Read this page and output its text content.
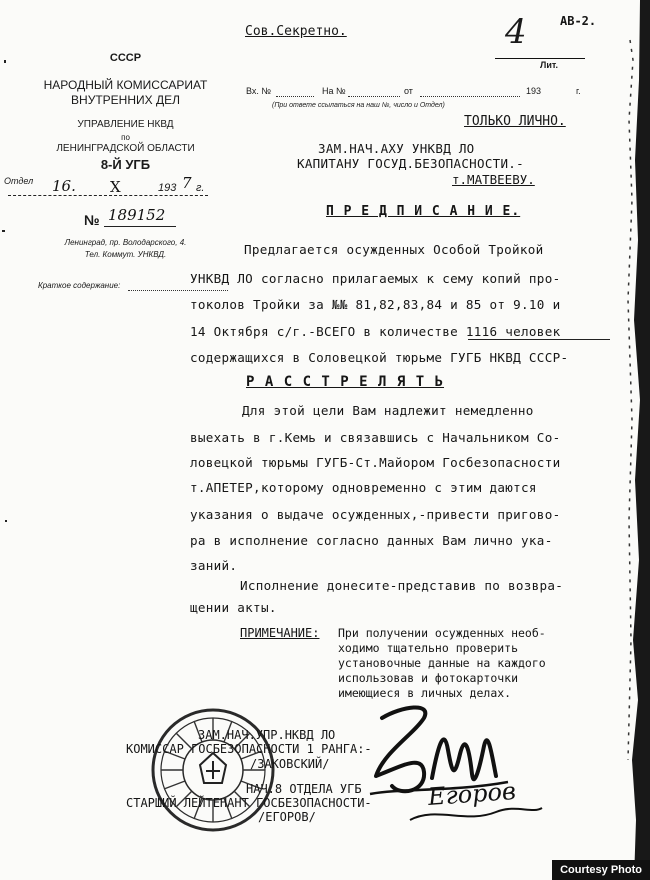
4	АВ-2.
Лит.
Сов.Секретно.
СССР
НАРОДНЫЙ КОМИССАРИАТ
ВНУТРЕННИХ ДЕЛ
УПРАВЛЕНИЕ НКВД
по
ЛЕНИНГРАДСКОЙ ОБЛАСТИ
8-Й УГБ
Отдел 16. X	193 7 г.
№ 189152
Ленинград, пр. Володарского, 4.
Тел. Коммут. УНКВД.
Краткое содержание:
Вх. №	На №	от	193	г.
(При ответе ссылаться на наш №, число и Отдел)
ТОЛЬКО ЛИЧНО.
ЗАМ.НАЧ.АХУ УНКВД ЛО
КАПИТАНУ ГОСУД.БЕЗОПАСНОСТИ.-
т.МАТВЕЕВУ.
П Р Е Д П И С А Н И Е.
Предлагается осужденных Особой Тройкой
УНКВД ЛО согласно прилагаемых к сему копий про-
токолов Тройки за №№ 81,82,83,84 и 85 от 9.10 и
14 Октября с/г.-ВСЕГО в количестве 1116 человек
содержащихся в Соловецкой тюрьме ГУГБ НКВД СССР-
Р А С С Т Р Е Л Я Т Ь
Для этой цели Вам надлежит немедленно
выехать в г.Кемь и связавшись с Начальником Со-
ловецкой тюрьмы ГУГБ-Ст.Майором Госбезопасности
т.АПЕТЕР,которому одновременно с этим даются
указания о выдаче осужденных,-привести пригово-
ра в исполнение согласно данных Вам лично ука-
заний.
Исполнение донесите-представив по возвра-
щении акты.
ПРИМЕЧАНИЕ: При получении осужденных необ-
ходимо тщательно проверить
установочные данные на каждого
использовав и фотокарточки
имеющиеся в личных делах.
ЗАМ.НАЧ.УПР.НКВД ЛО
КОМИССАР ГОСБЕЗОПАСНОСТИ 1 РАНГА:-
/ЗАКОВСКИЙ/
НАЧ.8 ОТДЕЛА УГБ
СТАРШИЙ ЛЕЙТЕНАНТ ГОСБЕЗОПАСНОСТИ-
/ЕГОРОВ/
Егоров
Courtesy Photo
